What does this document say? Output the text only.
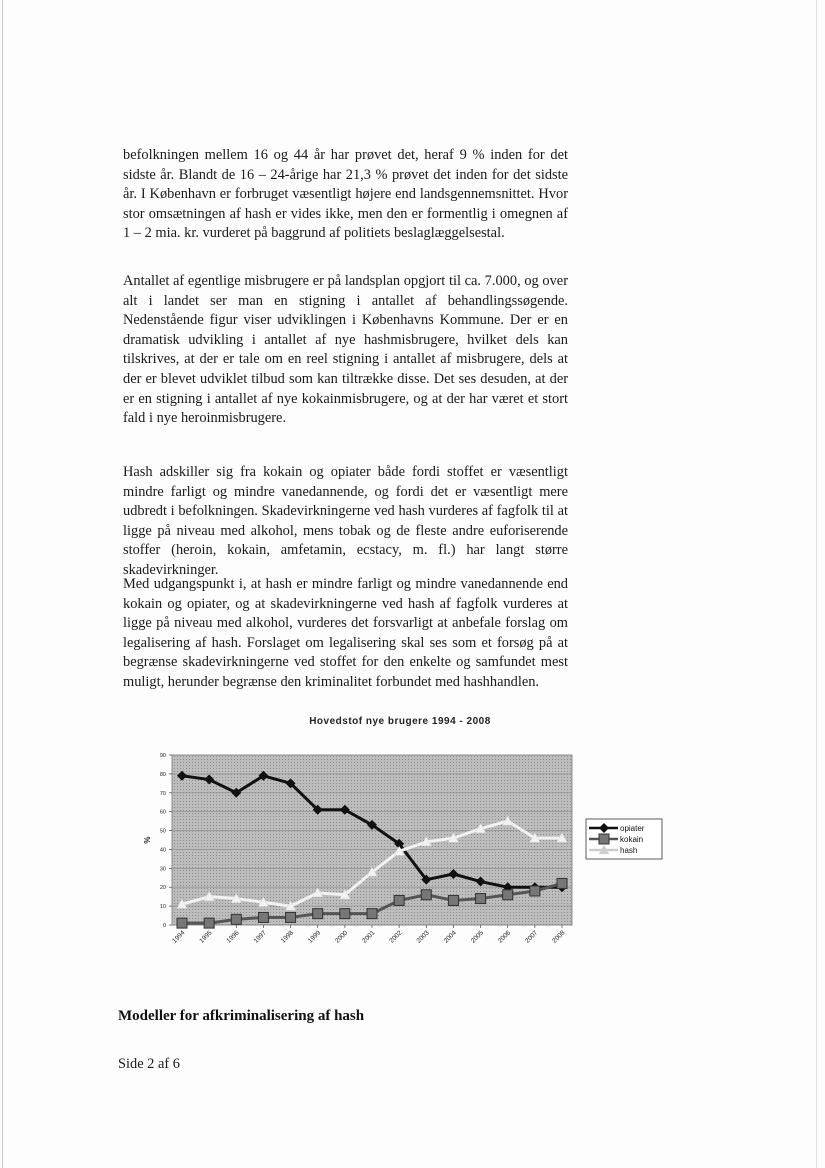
befolkningen mellem 16 og 44 år har prøvet det, heraf 9 % inden for det sidste år. Blandt de 16 – 24-årige har 21,3 % prøvet det inden for det sidste år. I København er forbruget væsentligt højere end landsgennemsnittet. Hvor stor omsætningen af hash er vides ikke, men den er formentlig i omegnen af 1 – 2 mia. kr. vurderet på baggrund af politiets beslaglæggelsestal.

Antallet af egentlige misbrugere er på landsplan opgjort til ca. 7.000, og over alt i landet ser man en stigning i antallet af behandlingssøgende. Nedenstående figur viser udviklingen i Københavns Kommune. Der er en dramatisk udvikling i antallet af nye hashmisbrugere, hvilket dels kan tilskrives, at der er tale om en reel stigning i antallet af misbrugere, dels at der er blevet udviklet tilbud som kan tiltrække disse. Det ses desuden, at der er en stigning i antallet af nye kokainmisbrugere, og at der har været et stort fald i nye heroinmisbrugere.

Hash adskiller sig fra kokain og opiater både fordi stoffet er væsentligt mindre farligt og mindre vanedannende, og fordi det er væsentligt mere udbredt i befolkningen. Skadevirkningerne ved hash vurderes af fagfolk til at ligge på niveau med alkohol, mens tobak og de fleste andre euforiserende stoffer (heroin, kokain, amfetamin, ecstacy, m. fl.) har langt større skadevirkninger.

Med udgangspunkt i, at hash er mindre farligt og mindre vanedannende end kokain og opiater, og at skadevirkningerne ved hash af fagfolk vurderes at ligge på niveau med alkohol, vurderes det forsvarligt at anbefale forslag om legalisering af hash. Forslaget om legalisering skal ses som et forsøg på at begrænse skadevirkningerne ved stoffet for den enkelte og samfundet mest muligt, herunder begrænse den kriminalitet forbundet med hashhandlen.

Hovedstof nye brugere 1994 - 2008
0
10
20
30
40
50
60
70
80
90
%
1994 1995 1996 1997 1998 1999 2000 2001 2002 2003 2004 2005 2006 2007 2008
opiater
kokain
hash
Modeller for afkriminalisering af hash
Side 2 af 6
